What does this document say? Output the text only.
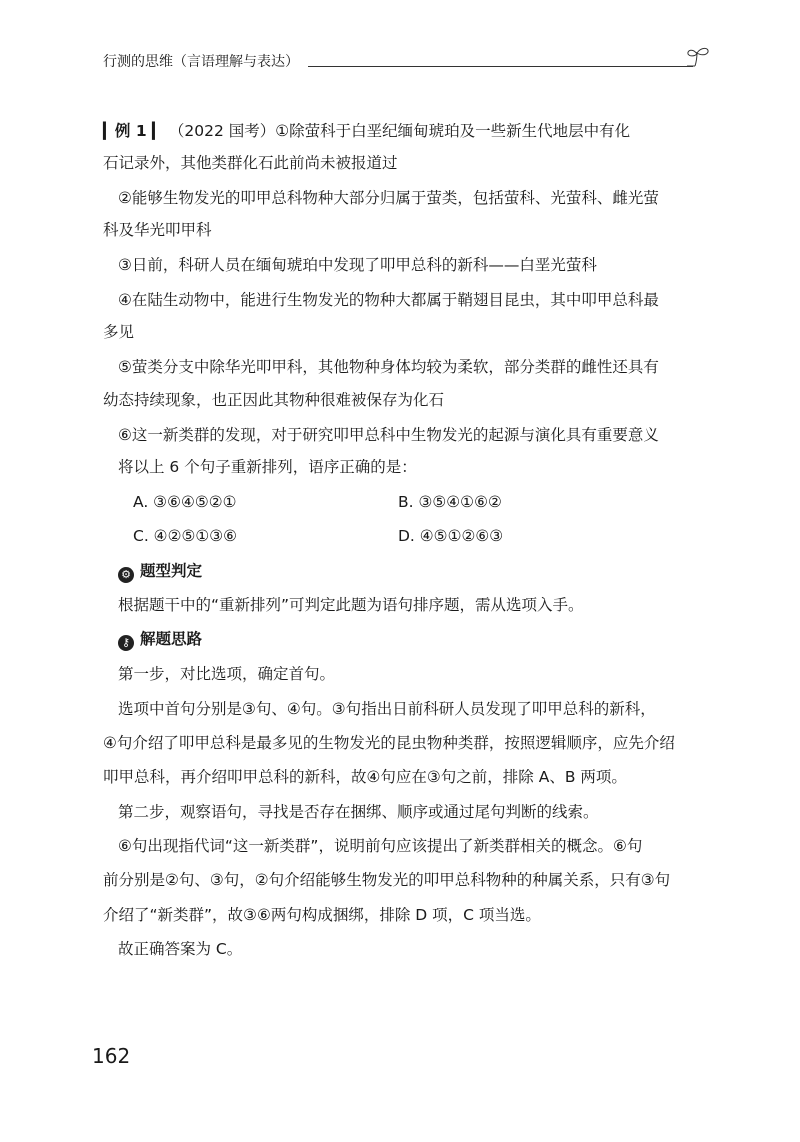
行测的思维（言语理解与表达）
▎例 1 ▎ （2022 国考）①除萤科于白垩纪缅甸琥珀及一些新生代地层中有化
石记录外，其他类群化石此前尚未被报道过
②能够生物发光的叩甲总科物种大部分归属于萤类，包括萤科、光萤科、雌光萤
科及华光叩甲科
③日前，科研人员在缅甸琥珀中发现了叩甲总科的新科——白垩光萤科
④在陆生动物中，能进行生物发光的物种大都属于鞘翅目昆虫，其中叩甲总科最
多见
⑤萤类分支中除华光叩甲科，其他物种身体均较为柔软，部分类群的雌性还具有
幼态持续现象，也正因此其物种很难被保存为化石
⑥这一新类群的发现，对于研究叩甲总科中生物发光的起源与演化具有重要意义
将以上 6 个句子重新排列，语序正确的是：
A. ③⑥④⑤②①	B. ③⑤④①⑥②
C. ④②⑤①③⑥	D. ④⑤①②⑥③
⚙ 题型判定
根据题干中的“重新排列”可判定此题为语句排序题，需从选项入手。
⚷ 解题思路
第一步，对比选项，确定首句。
选项中首句分别是③句、④句。③句指出日前科研人员发现了叩甲总科的新科，
④句介绍了叩甲总科是最多见的生物发光的昆虫物种类群，按照逻辑顺序，应先介绍
叩甲总科，再介绍叩甲总科的新科，故④句应在③句之前，排除 A、B 两项。
第二步，观察语句，寻找是否存在捆绑、顺序或通过尾句判断的线索。
⑥句出现指代词“这一新类群”，说明前句应该提出了新类群相关的概念。⑥句
前分别是②句、③句，②句介绍能够生物发光的叩甲总科物种的种属关系，只有③句
介绍了“新类群”，故③⑥两句构成捆绑，排除 D 项，C 项当选。
故正确答案为 C。
162
